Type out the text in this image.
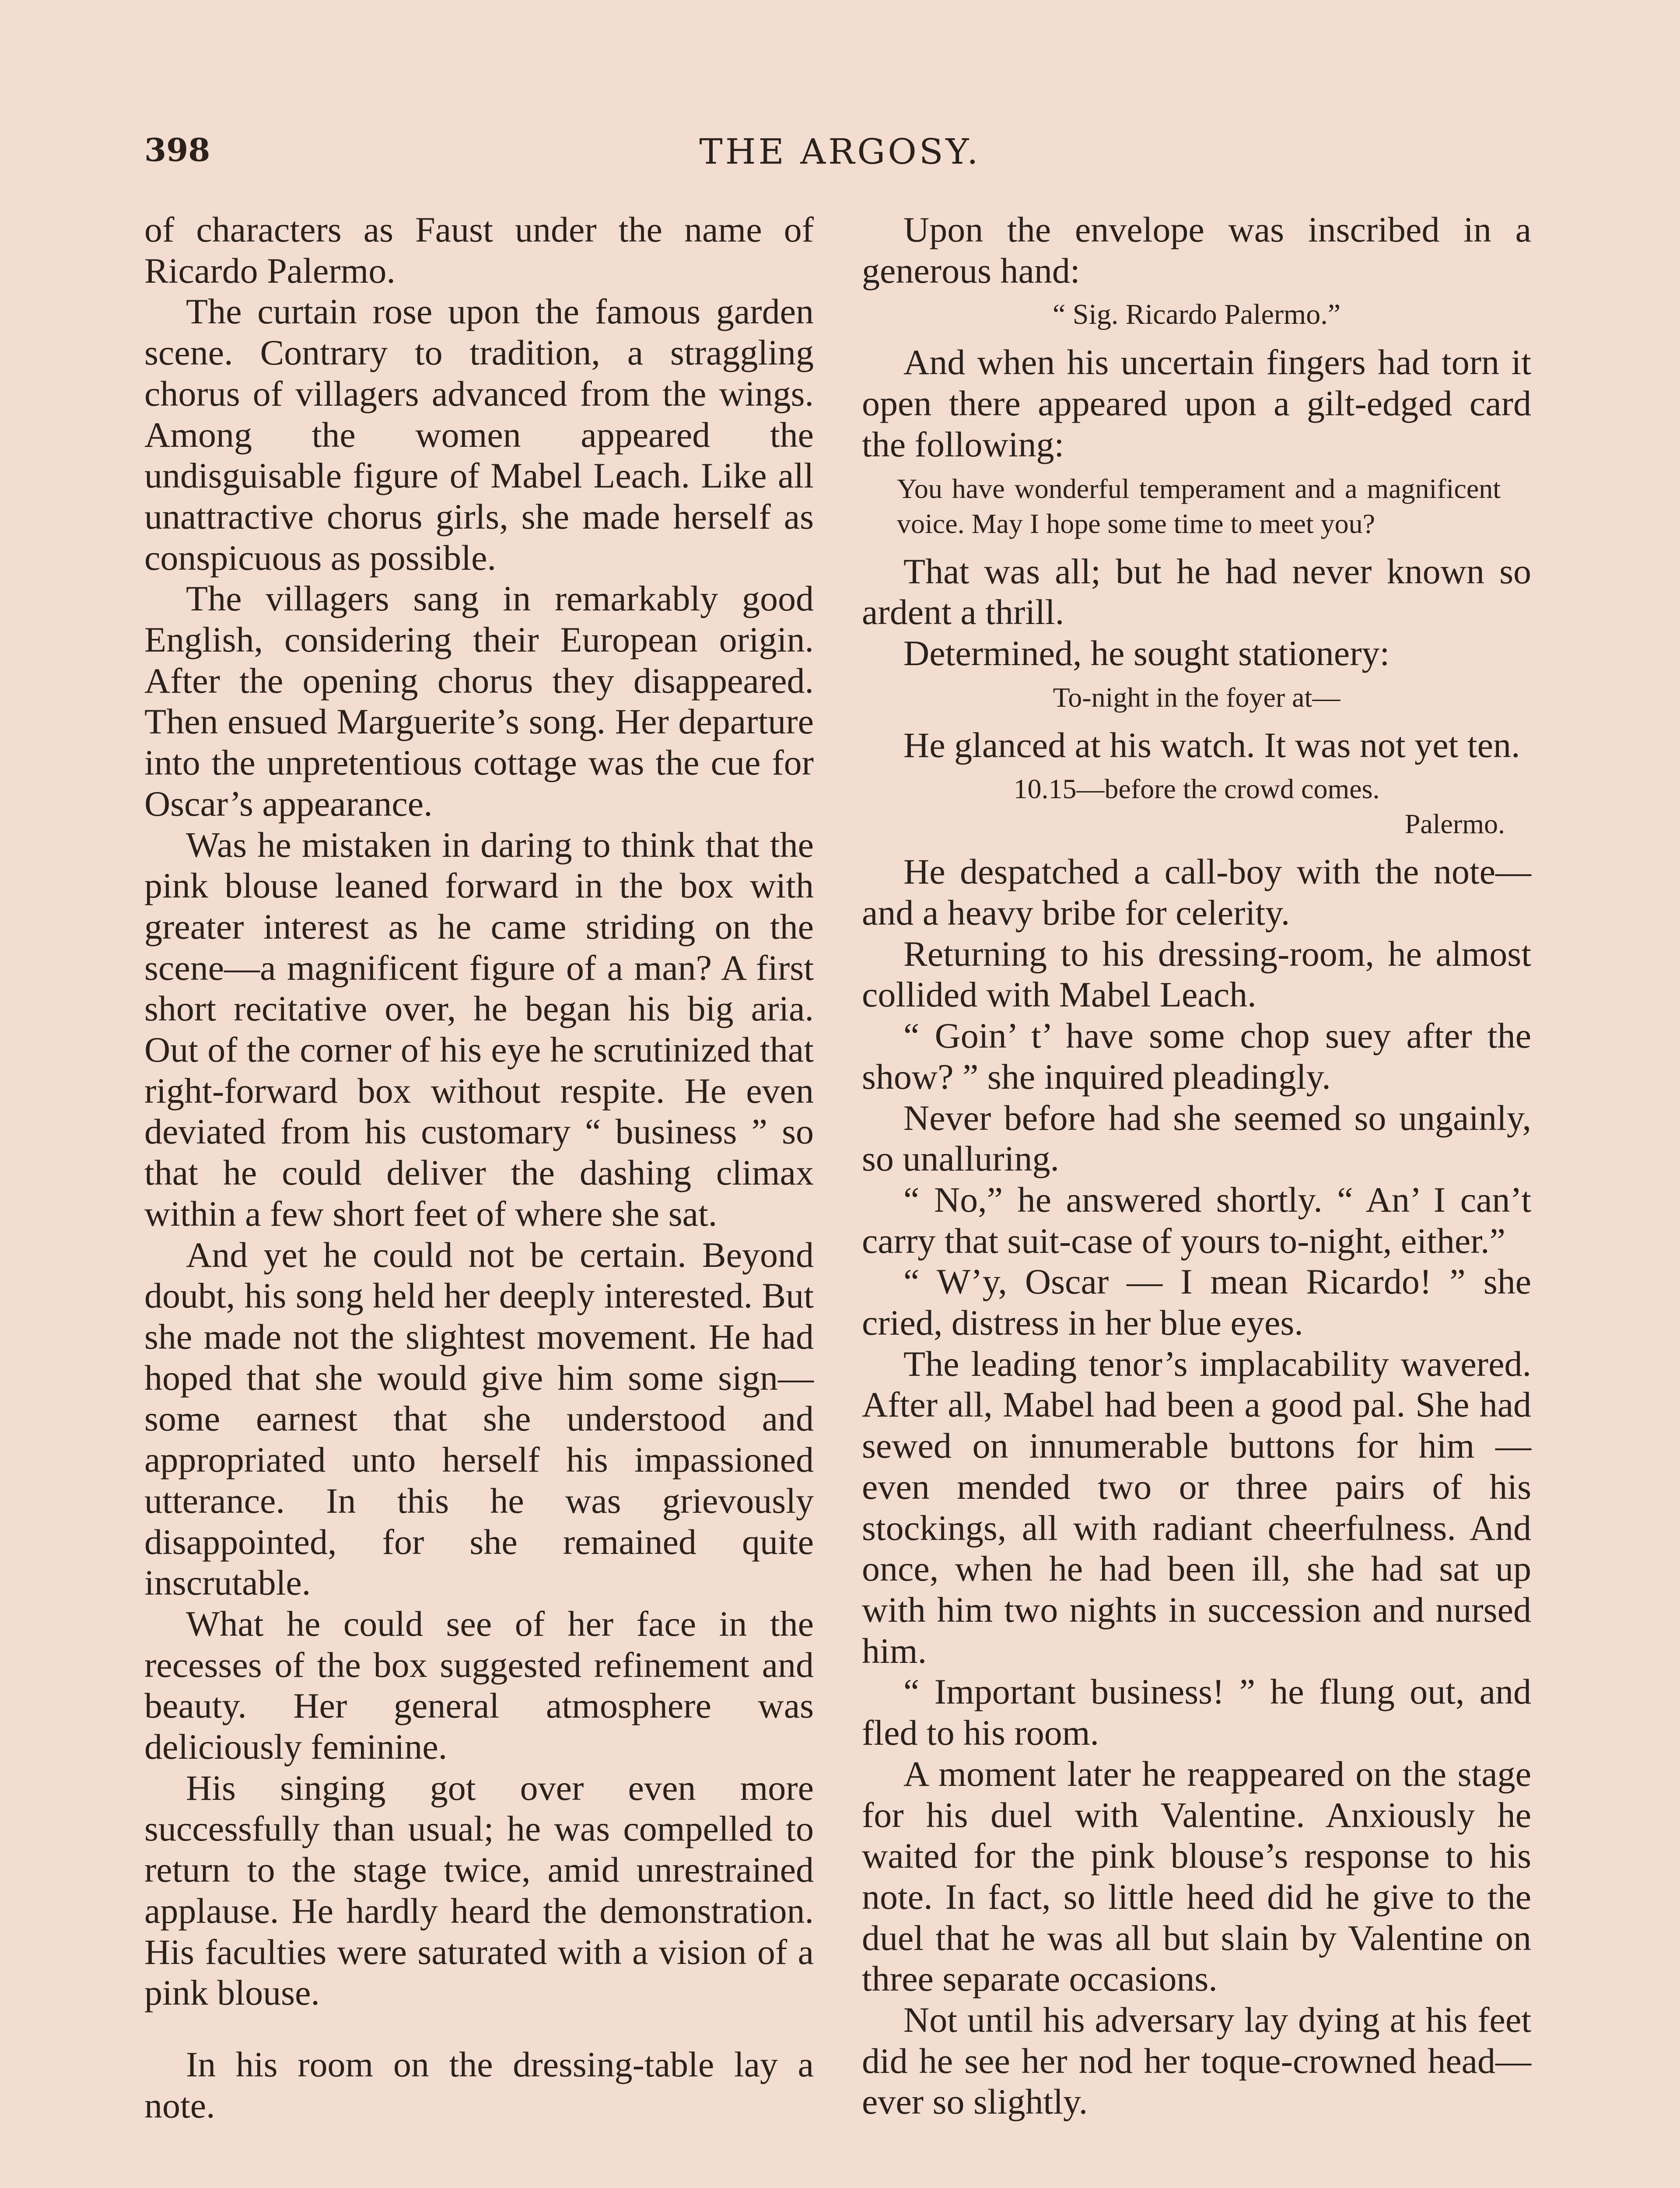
398	THE ARGOSY.

of characters as Faust under the name of Ricardo Palermo.

The curtain rose upon the famous garden scene. Contrary to tradition, a straggling chorus of villagers advanced from the wings. Among the women appeared the undisguisable figure of Mabel Leach. Like all unattractive chorus girls, she made herself as conspicuous as possible.

The villagers sang in remarkably good English, considering their European origin. After the opening chorus they disappeared. Then ensued Marguerite’s song. Her departure into the unpretentious cottage was the cue for Oscar’s appearance.

Was he mistaken in daring to think that the pink blouse leaned forward in the box with greater interest as he came striding on the scene—a magnificent figure of a man? A first short recitative over, he began his big aria. Out of the corner of his eye he scrutinized that right-forward box without respite. He even deviated from his customary “ business ” so that he could deliver the dashing climax within a few short feet of where she sat.

And yet he could not be certain. Beyond doubt, his song held her deeply interested. But she made not the slightest movement. He had hoped that she would give him some sign—some earnest that she understood and appropriated unto herself his impassioned utterance. In this he was grievously disappointed, for she remained quite inscrutable.

What he could see of her face in the recesses of the box suggested refinement and beauty. Her general atmosphere was deliciously feminine.

His singing got over even more successfully than usual; he was compelled to return to the stage twice, amid unrestrained applause. He hardly heard the demonstration. His faculties were saturated with a vision of a pink blouse.

In his room on the dressing-table lay a note.

Upon the envelope was inscribed in a generous hand:

“ Sig. Ricardo Palermo.”

And when his uncertain fingers had torn it open there appeared upon a gilt-edged card the following:

You have wonderful temperament and a magnificent voice. May I hope some time to meet you?

That was all; but he had never known so ardent a thrill.

Determined, he sought stationery:

To-night in the foyer at—

He glanced at his watch. It was not yet ten.

10.15—before the crowd comes.

Palermo.

He despatched a call-boy with the note—and a heavy bribe for celerity.

Returning to his dressing-room, he almost collided with Mabel Leach.

“ Goin’ t’ have some chop suey after the show? ” she inquired pleadingly.

Never before had she seemed so ungainly, so unalluring.

“ No,” he answered shortly. “ An’ I can’t carry that suit-case of yours to-night, either.”

“ W’y, Oscar — I mean Ricardo! ” she cried, distress in her blue eyes.

The leading tenor’s implacability wavered. After all, Mabel had been a good pal. She had sewed on innumerable buttons for him — even mended two or three pairs of his stockings, all with radiant cheerfulness. And once, when he had been ill, she had sat up with him two nights in succession and nursed him.

“ Important business! ” he flung out, and fled to his room.

A moment later he reappeared on the stage for his duel with Valentine. Anxiously he waited for the pink blouse’s response to his note. In fact, so little heed did he give to the duel that he was all but slain by Valentine on three separate occasions.

Not until his adversary lay dying at his feet did he see her nod her toque-crowned head—ever so slightly.
